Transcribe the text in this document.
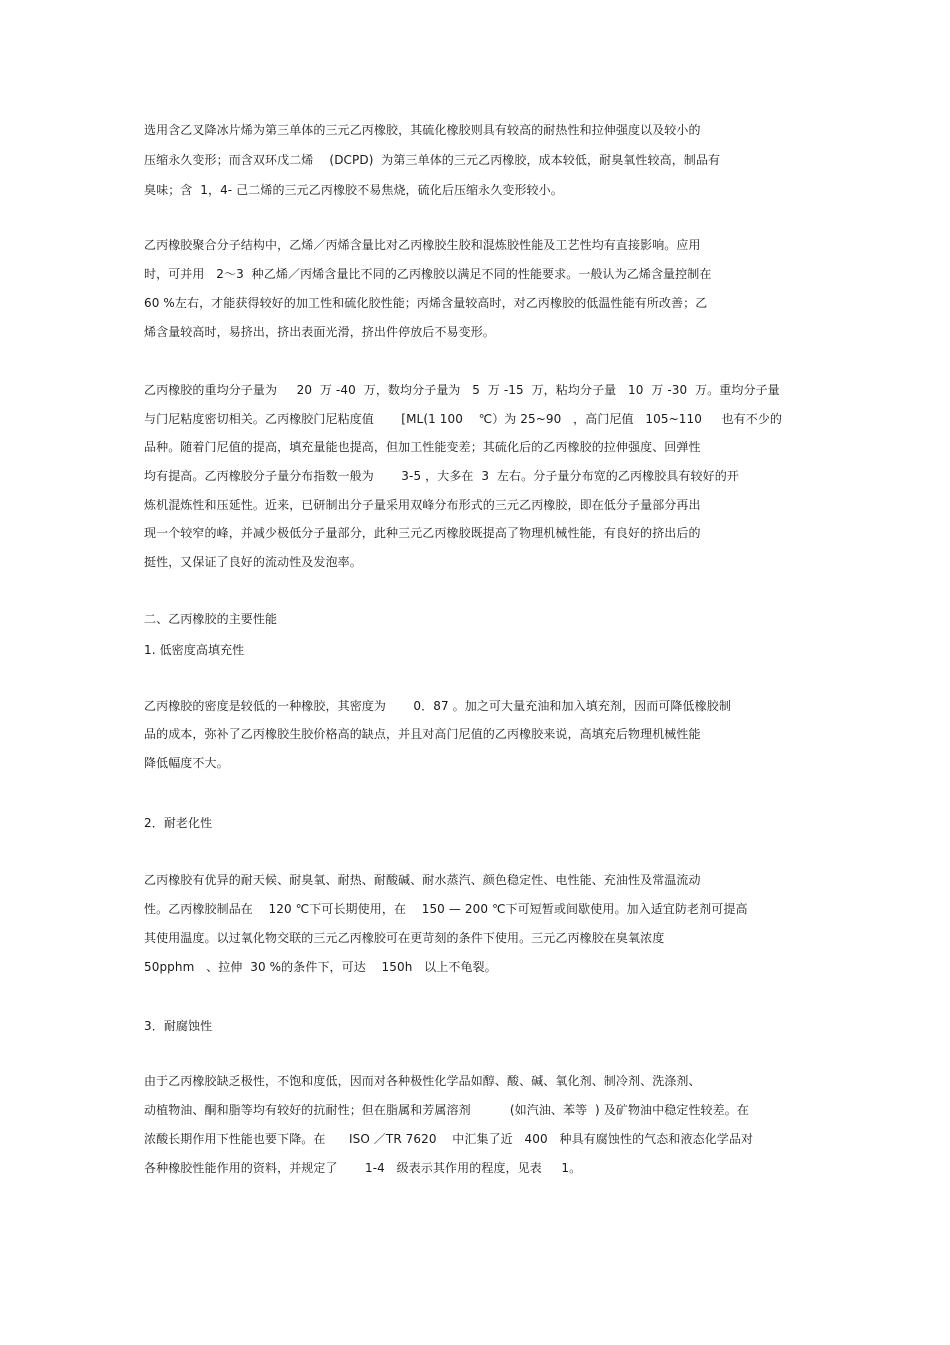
选用含乙叉降冰片烯为第三单体的三元乙丙橡胶，其硫化橡胶则具有较高的耐热性和拉伸强度以及较小的
压缩永久变形；而含双环戊二烯　 (DCPD)  为第三单体的三元乙丙橡胶，成本较低，耐臭氧性较高，制品有
臭味；含  1，4- 己二烯的三元乙丙橡胶不易焦烧，硫化后压缩永久变形较小。
乙丙橡胶聚合分子结构中，乙烯／丙烯含量比对乙丙橡胶生胶和混炼胶性能及工艺性均有直接影响。应用
时，可并用   2～3  种乙烯／丙烯含量比不同的乙丙橡胶以满足不同的性能要求。一般认为乙烯含量控制在
60 %左右，才能获得较好的加工性和硫化胶性能；丙烯含量较高时，对乙丙橡胶的低温性能有所改善；乙
烯含量较高时，易挤出，挤出表面光滑，挤出件停放后不易变形。
乙丙橡胶的重均分子量为     20  万 -40  万，数均分子量为   5  万 -15  万，粘均分子量   10  万 -30  万。重均分子量
与门尼粘度密切相关。乙丙橡胶门尼粘度值       [ML(1 100    ℃）为 25~90   ，高门尼值   105~110     也有不少的
品种。随着门尼值的提高，填充量能也提高，但加工性能变差；其硫化后的乙丙橡胶的拉伸强度、回弹性
均有提高。乙丙橡胶分子量分布指数一般为       3-5 ，大多在  3  左右。分子量分布宽的乙丙橡胶具有较好的开
炼机混炼性和压延性。近来，已研制出分子量采用双峰分布形式的三元乙丙橡胶，即在低分子量部分再出
现一个较窄的峰，并减少极低分子量部分，此种三元乙丙橡胶既提高了物理机械性能，有良好的挤出后的
挺性，又保证了良好的流动性及发泡率。
二、乙丙橡胶的主要性能
1. 低密度高填充性
乙丙橡胶的密度是较低的一种橡胶，其密度为       0．87 。加之可大量充油和加入填充剂，因而可降低橡胶制
品的成本，弥补了乙丙橡胶生胶价格高的缺点，并且对高门尼值的乙丙橡胶来说，高填充后物理机械性能
降低幅度不大。
2．耐老化性
乙丙橡胶有优异的耐天候、耐臭氧、耐热、耐酸碱、耐水蒸汽、颜色稳定性、电性能、充油性及常温流动
性。乙丙橡胶制品在    120 ℃下可长期使用，在    150 — 200 ℃下可短暂或间歇使用。加入适宜防老剂可提高
其使用温度。以过氧化物交联的三元乙丙橡胶可在更苛刻的条件下使用。三元乙丙橡胶在臭氧浓度
50pphm   、拉伸  30 %的条件下，可达    150h   以上不龟裂。
3．耐腐蚀性
由于乙丙橡胶缺乏极性，不饱和度低，因而对各种极性化学品如醇、酸、碱、氧化剂、制冷剂、洗涤剂、
动植物油、酮和脂等均有较好的抗耐性；但在脂属和芳属溶剂          (如汽油、苯等  ) 及矿物油中稳定性较差。在
浓酸长期作用下性能也要下降。在      ISO ／TR 7620    中汇集了近   400   种具有腐蚀性的气态和液态化学品对
各种橡胶性能作用的资料，并规定了       1-4   级表示其作用的程度，见表     1。
